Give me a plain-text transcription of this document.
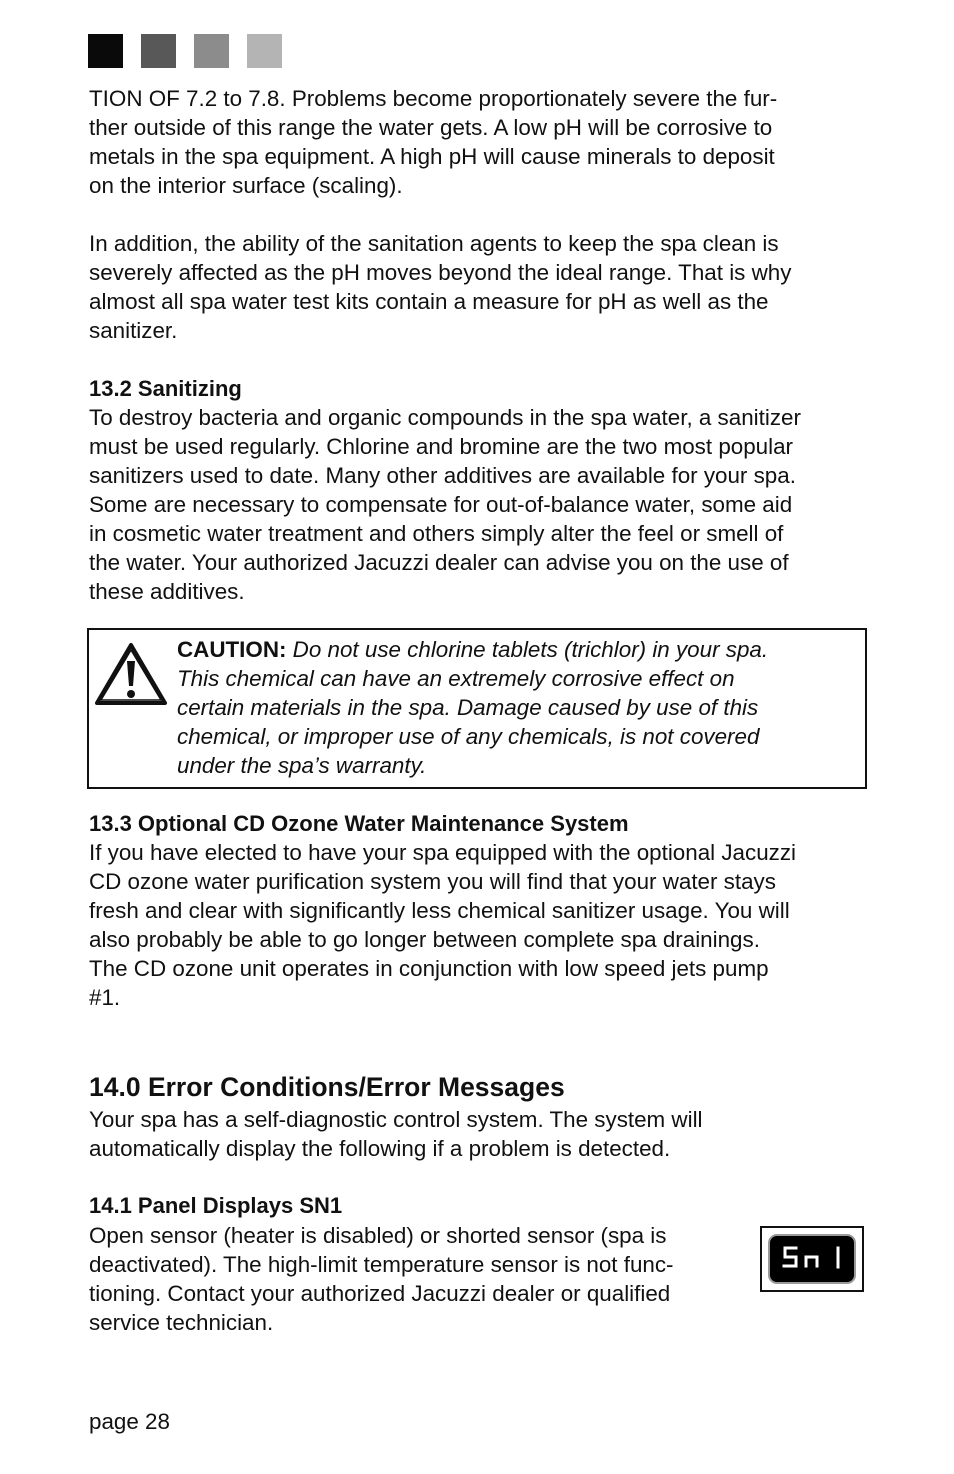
TION OF 7.2 to 7.8. Problems become proportionately severe the fur-
ther outside of this range the water gets. A low pH will be corrosive to
metals in the spa equipment. A high pH will cause minerals to deposit
on the interior surface (scaling).

In addition, the ability of the sanitation agents to keep the spa clean is
severely affected as the pH moves beyond the ideal range. That is why
almost all spa water test kits contain a measure for pH as well as the
sanitizer.

13.2 Sanitizing

To destroy bacteria and organic compounds in the spa water, a sanitizer
must be used regularly. Chlorine and bromine are the two most popular
sanitizers used to date. Many other additives are available for your spa.
Some are necessary to compensate for out-of-balance water, some aid
in cosmetic water treatment and others simply alter the feel or smell of
the water. Your authorized Jacuzzi dealer can advise you on the use of
these additives.

CAUTION: Do not use chlorine tablets (trichlor) in your spa.
This chemical can have an extremely corrosive effect on
certain materials in the spa. Damage caused by use of this
chemical, or improper use of any chemicals, is not covered
under the spa’s warranty.

13.3 Optional CD Ozone Water Maintenance System

If you have elected to have your spa equipped with the optional Jacuzzi
CD ozone water purification system you will find that your water stays
fresh and clear with significantly less chemical sanitizer usage. You will
also probably be able to go longer between complete spa drainings.
The CD ozone unit operates in conjunction with low speed jets pump
#1.

14.0 Error Conditions/Error Messages

Your spa has a self-diagnostic control system. The system will
automatically display the following if a problem is detected.

14.1 Panel Displays SN1

Open sensor (heater is disabled) or shorted sensor (spa is
deactivated). The high-limit temperature sensor is not func-
tioning. Contact your authorized Jacuzzi dealer or qualified
service technician.

page 28
